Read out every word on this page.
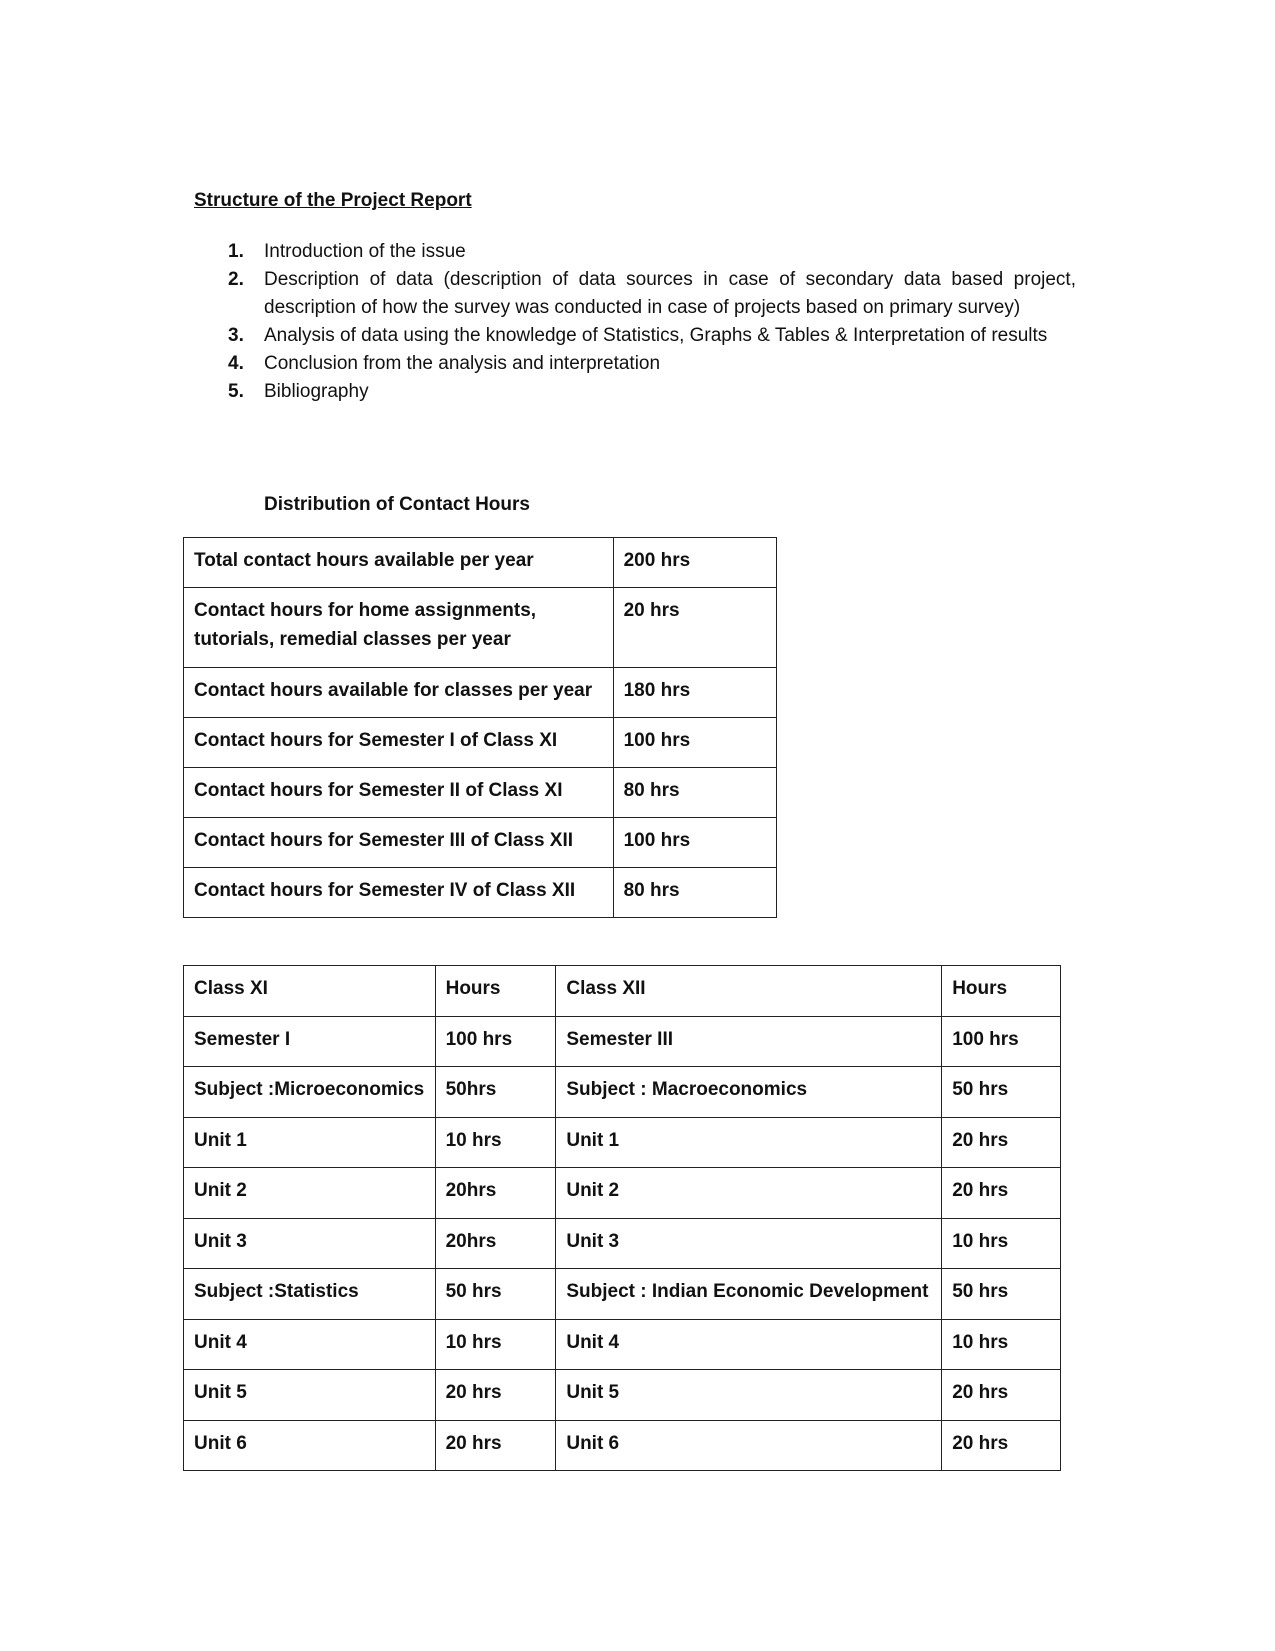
Structure of the Project Report
1.	Introduction of the issue
2.	Description of data (description of data sources in case of secondary data based project, description of how the survey was conducted in case of projects based on primary survey)
3.	Analysis of data using the knowledge of Statistics, Graphs & Tables & Interpretation of results
4.	Conclusion from the analysis and interpretation
5.	Bibliography
Distribution of Contact Hours
Total contact hours available per year	200 hrs
Contact hours for home assignments, tutorials, remedial classes per year	20 hrs
Contact hours available for classes per year	180 hrs
Contact hours for Semester I of Class XI	100 hrs
Contact hours for Semester II of Class XI	80 hrs
Contact hours for Semester III of Class XII	100 hrs
Contact hours for Semester IV of Class XII	80 hrs
Class XI	Hours	Class XII	Hours
Semester I	100 hrs	Semester III	100 hrs
Subject :Microeconomics	50hrs	Subject : Macroeconomics	50 hrs
Unit 1	10 hrs	Unit 1	20 hrs
Unit 2	20hrs	Unit 2	20 hrs
Unit 3	20hrs	Unit 3	10 hrs
Subject :Statistics	50 hrs	Subject : Indian Economic Development	50 hrs
Unit 4	10 hrs	Unit 4	10 hrs
Unit 5	20 hrs	Unit 5	20 hrs
Unit 6	20 hrs	Unit 6	20 hrs
